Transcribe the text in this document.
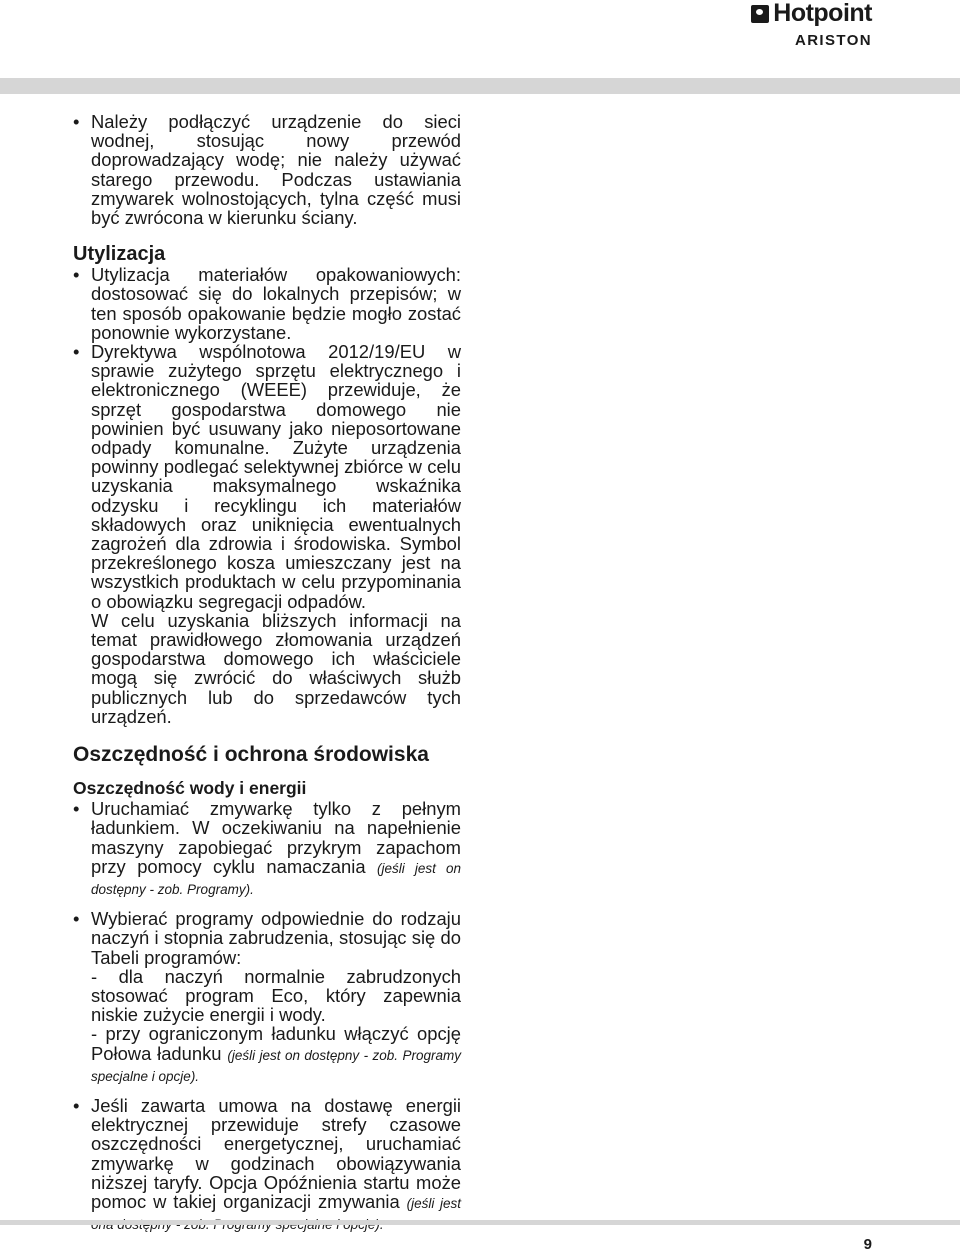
Hotpoint
ARISTON
• Należy podłączyć urządzenie do sieci wodnej, stosując nowy przewód doprowadzający wodę; nie należy używać starego przewodu. Podczas ustawiania zmywarek wolnostojących, tylna część musi być zwrócona w kierunku ściany.
Utylizacja
• Utylizacja materiałów opakowaniowych: dostosować się do lokalnych przepisów; w ten sposób opakowanie będzie mogło zostać ponownie wykorzystane.
• Dyrektywa wspólnotowa 2012/19/EU w sprawie zużytego sprzętu elektrycznego i elektronicznego (WEEE) przewiduje, że sprzęt gospodarstwa domowego nie powinien być usuwany jako nieposortowane odpady komunalne. Zużyte urządzenia powinny podlegać selektywnej zbiórce w celu uzyskania maksymalnego wskaźnika odzysku i recyklingu ich materiałów składowych oraz uniknięcia ewentualnych zagrożeń dla zdrowia i środowiska. Symbol przekreślonego kosza umieszczany jest na wszystkich produktach w celu przypominania o obowiązku segregacji odpadów.
W celu uzyskania bliższych informacji na temat prawidłowego złomowania urządzeń gospodarstwa domowego ich właściciele mogą się zwrócić do właściwych służb publicznych lub do sprzedawców tych urządzeń.
Oszczędność i ochrona środowiska
Oszczędność wody i energii
• Uruchamiać zmywarkę tylko z pełnym ładunkiem. W oczekiwaniu na napełnienie maszyny zapobiegać przykrym zapachom przy pomocy cyklu namaczania (jeśli jest on dostępny - zob. Programy).
• Wybierać programy odpowiednie do rodzaju naczyń i stopnia zabrudzenia, stosując się do Tabeli programów:
- dla naczyń normalnie zabrudzonych stosować program Eco, który zapewnia niskie zużycie energii i wody.
- przy ograniczonym ładunku włączyć opcję Połowa ładunku (jeśli jest on dostępny - zob. Programy specjalne i opcje).
• Jeśli zawarta umowa na dostawę energii elektrycznej przewiduje strefy czasowe oszczędności energetycznej, uruchamiać zmywarkę w godzinach obowiązywania niższej taryfy. Opcja Opóźnienia startu może pomoc w takiej organizacji zmywania (jeśli jest
9
